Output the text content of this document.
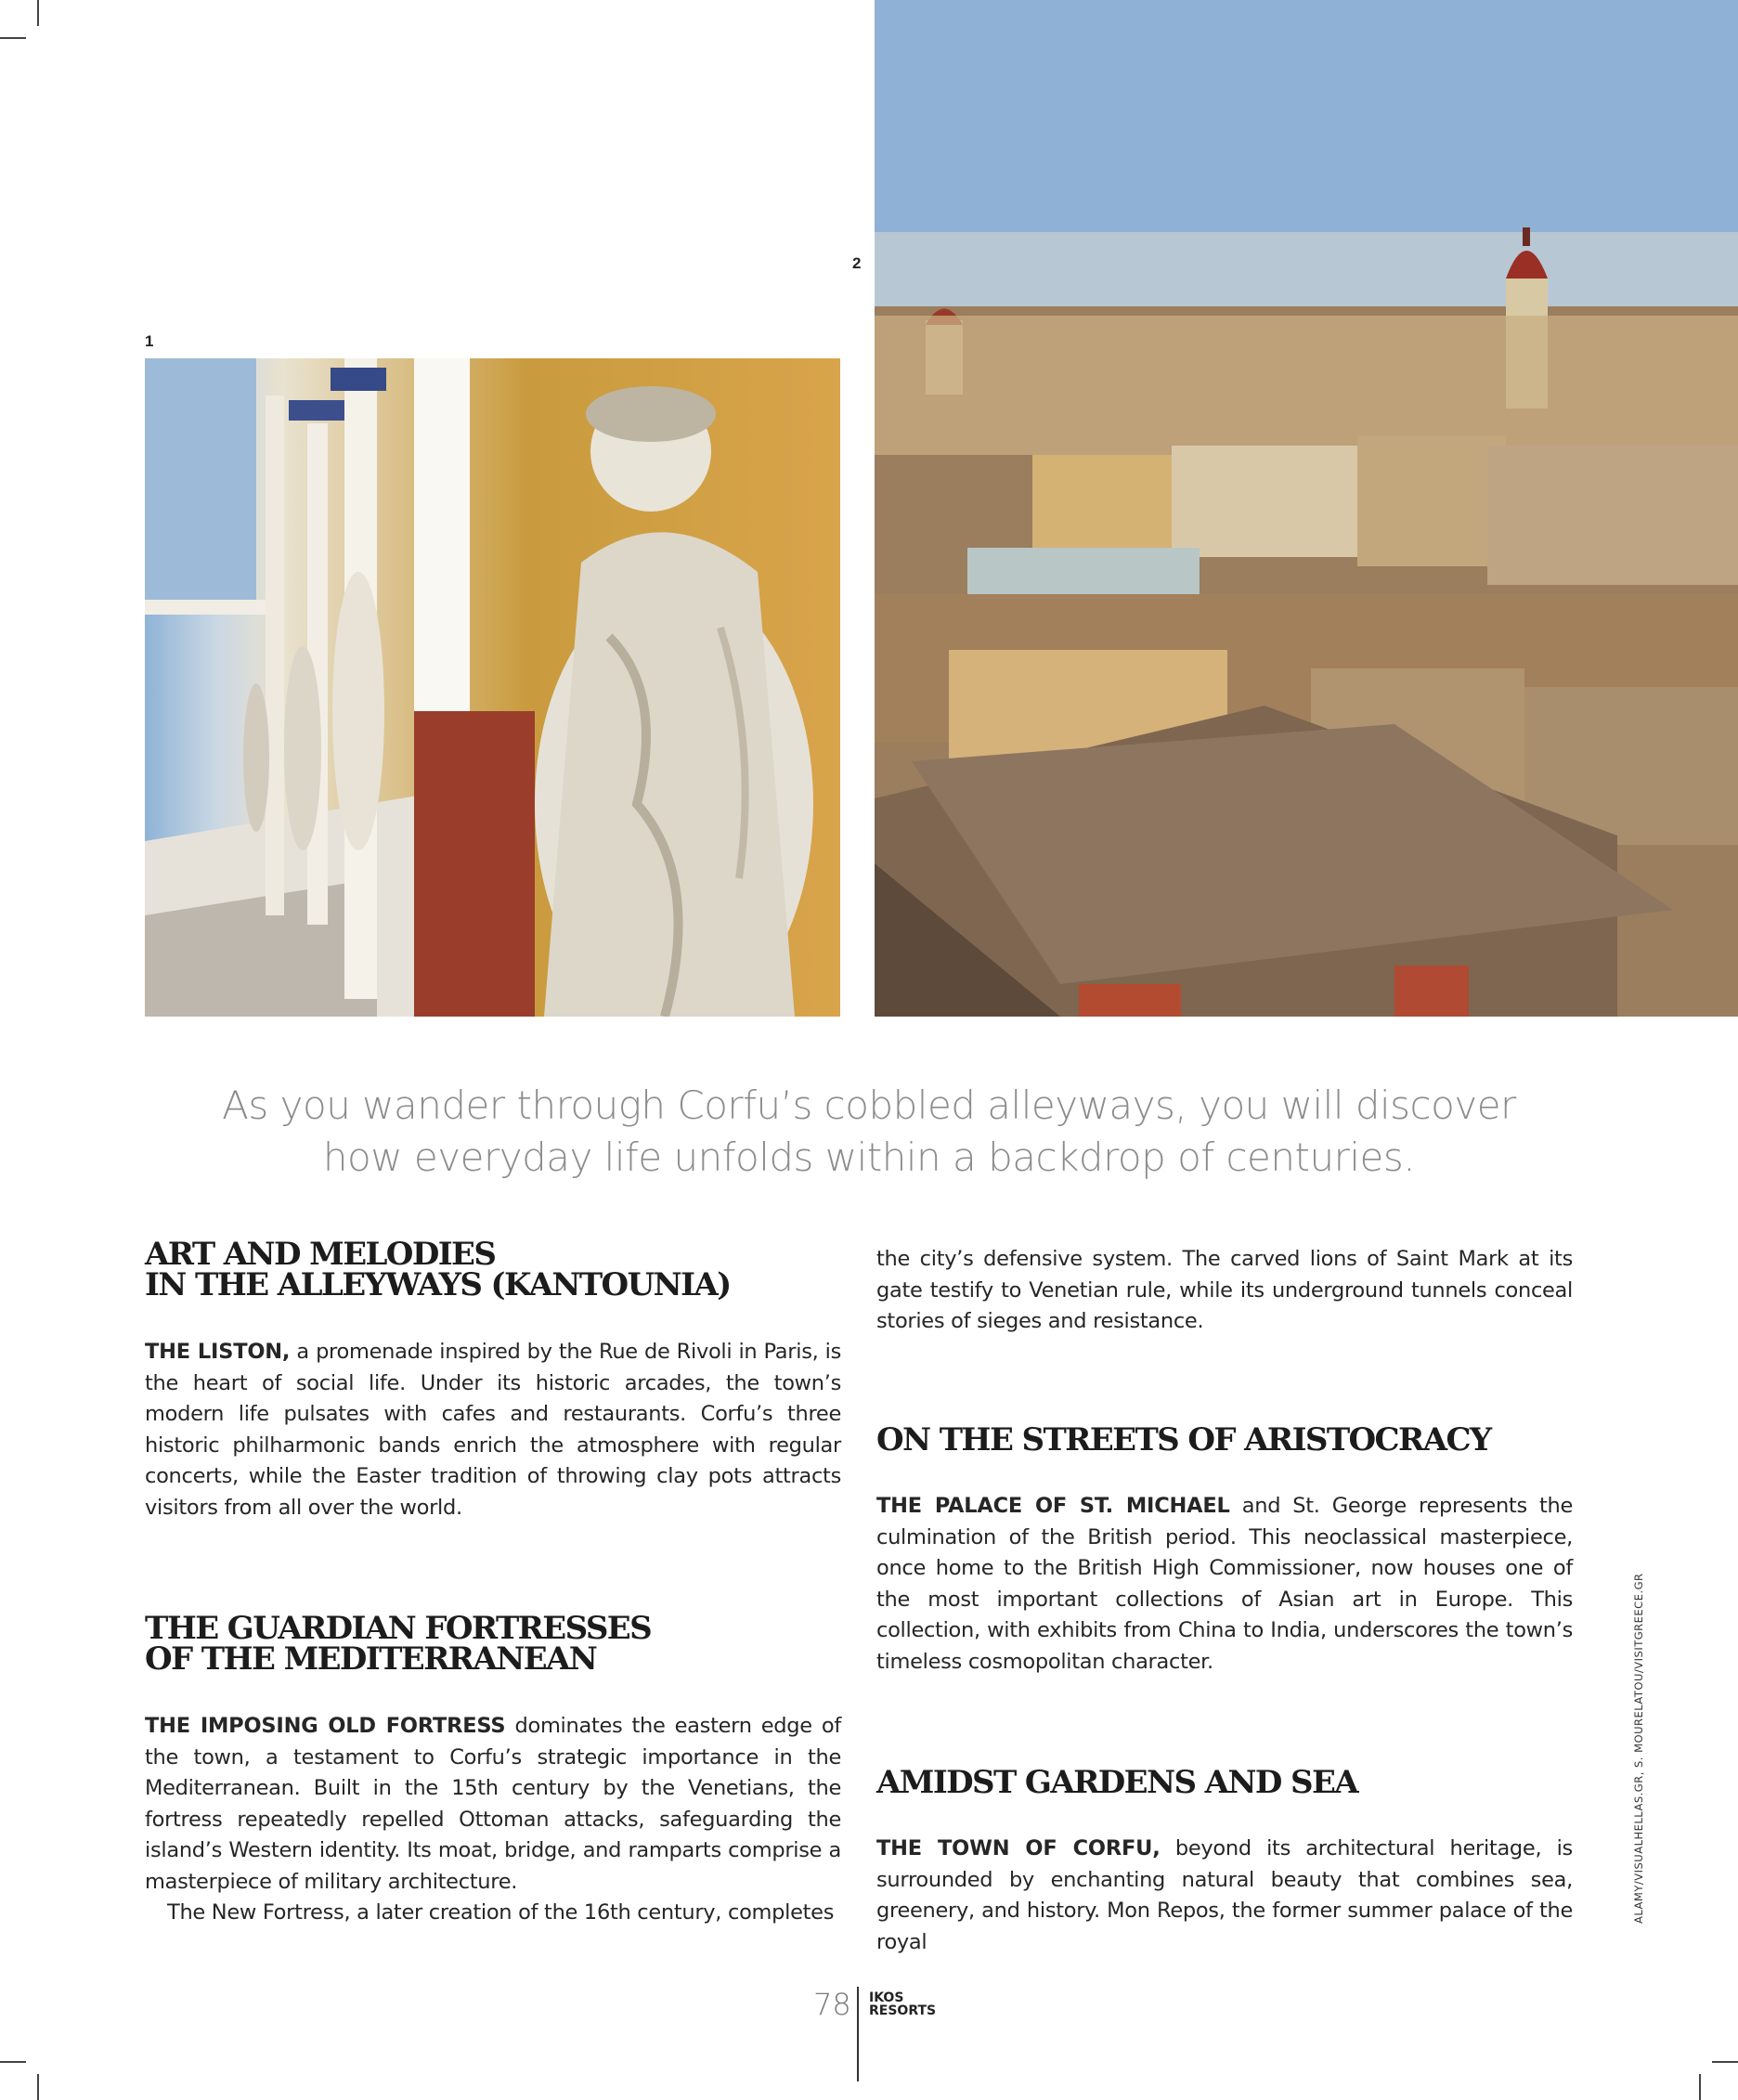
1
2
As you wander through Corfu’s cobbled alleyways, you will discover
how everyday life unfolds within a backdrop of centuries.
ART AND MELODIES
IN THE ALLEYWAYS (KANTOUNIA)

THE LISTON, a promenade inspired by the Rue de Rivoli in Paris, is the heart of social life. Under its historic arcades, the town’s modern life pulsates with cafes and restaurants. Corfu’s three historic philharmonic bands enrich the atmosphere with regular concerts, while the Easter tradition of throwing clay pots attracts visitors from all over the world.

THE GUARDIAN FORTRESSES
OF THE MEDITERRANEAN

THE IMPOSING OLD FORTRESS dominates the eastern edge of the town, a testament to Corfu’s strategic importance in the Mediterranean. Built in the 15th century by the Venetians, the fortress repeatedly repelled Ottoman attacks, safeguarding the island’s Western identity. Its moat, bridge, and ramparts comprise a masterpiece of military architecture.

The New Fortress, a later creation of the 16th century, completes

the city’s defensive system. The carved lions of Saint Mark at its gate testify to Venetian rule, while its underground tunnels conceal stories of sieges and resistance.

ON THE STREETS OF ARISTOCRACY

THE PALACE OF ST. MICHAEL and St. George represents the culmination of the British period. This neoclassical masterpiece, once home to the British High Commissioner, now houses one of the most important collections of Asian art in Europe. This collection, with exhibits from China to India, underscores the town’s timeless cosmopolitan character.

AMIDST GARDENS AND SEA

THE TOWN OF CORFU, beyond its architectural heritage, is surrounded by enchanting natural beauty that combines sea, greenery, and history. Mon Repos, the former summer palace of the royal

ALAMY/VISUALHELLAS.GR, S. MOURELATOU/VISITGREECE.GR
78 IKOS
RESORTS
